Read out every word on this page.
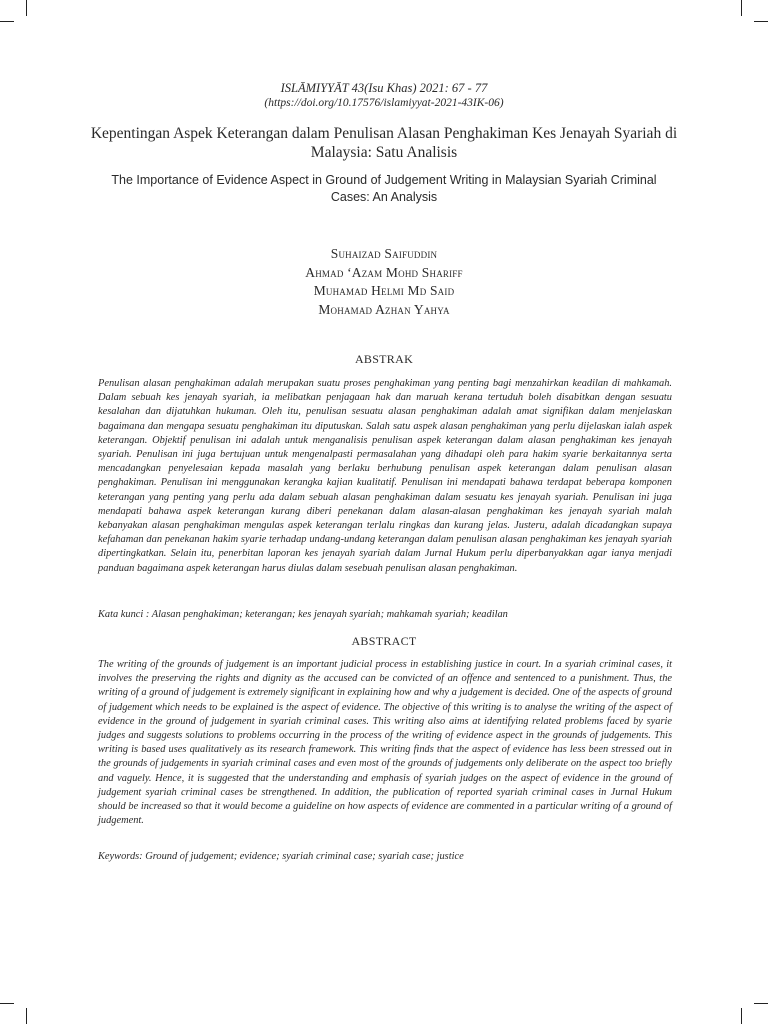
ISLĀMIYYĀT 43(Isu Khas) 2021: 67 - 77
(https://doi.org/10.17576/islamiyyat-2021-43IK-06)
Kepentingan Aspek Keterangan dalam Penulisan Alasan Penghakiman Kes Jenayah Syariah di Malaysia: Satu Analisis
The Importance of Evidence Aspect in Ground of Judgement Writing in Malaysian Syariah Criminal Cases: An Analysis
Suhaizad Saifuddin
Ahmad ‘Azam Mohd Shariff
Muhamad Helmi Md Said
Mohamad Azhan Yahya
ABSTRAK
Penulisan alasan penghakiman adalah merupakan suatu proses penghakiman yang penting bagi menzahirkan keadilan di mahkamah. Dalam sebuah kes jenayah syariah, ia melibatkan penjagaan hak dan maruah kerana tertuduh boleh disabitkan dengan sesuatu kesalahan dan dijatuhkan hukuman. Oleh itu, penulisan sesuatu alasan penghakiman adalah amat signifikan dalam menjelaskan bagaimana dan mengapa sesuatu penghakiman itu diputuskan. Salah satu aspek alasan penghakiman yang perlu dijelaskan ialah aspek keterangan. Objektif penulisan ini adalah untuk menganalisis penulisan aspek keterangan dalam alasan penghakiman kes jenayah syariah. Penulisan ini juga bertujuan untuk mengenalpasti permasalahan yang dihadapi oleh para hakim syarie berkaitannya serta mencadangkan penyelesaian kepada masalah yang berlaku berhubung penulisan aspek keterangan dalam penulisan alasan penghakiman. Penulisan ini menggunakan kerangka kajian kualitatif. Penulisan ini mendapati bahawa terdapat beberapa komponen keterangan yang penting yang perlu ada dalam sebuah alasan penghakiman dalam sesuatu kes jenayah syariah. Penulisan ini juga mendapati bahawa aspek keterangan kurang diberi penekanan dalam alasan-alasan penghakiman kes jenayah syariah malah kebanyakan alasan penghakiman mengulas aspek keterangan terlalu ringkas dan kurang jelas. Justeru, adalah dicadangkan supaya kefahaman dan penekanan hakim syarie terhadap undang-undang keterangan dalam penulisan alasan penghakiman kes jenayah syariah dipertingkatkan. Selain itu, penerbitan laporan kes jenayah syariah dalam Jurnal Hukum perlu diperbanyakkan agar ianya menjadi panduan bagaimana aspek keterangan harus diulas dalam sesebuah penulisan alasan penghakiman.
Kata kunci : Alasan penghakiman; keterangan; kes jenayah syariah; mahkamah syariah; keadilan
ABSTRACT
The writing of the grounds of judgement is an important judicial process in establishing justice in court. In a syariah criminal cases, it involves the preserving the rights and dignity as the accused can be convicted of an offence and sentenced to a punishment. Thus, the writing of a ground of judgement is extremely significant in explaining how and why a judgement is decided. One of the aspects of ground of judgement which needs to be explained is the aspect of evidence. The objective of this writing is to analyse the writing of the aspect of evidence in the ground of judgement in syariah criminal cases. This writing also aims at identifying related problems faced by syarie judges and suggests solutions to problems occurring in the process of the writing of evidence aspect in the grounds of judgements. This writing is based uses qualitatively as its research framework. This writing finds that the aspect of evidence has less been stressed out in the grounds of judgements in syariah criminal cases and even most of the grounds of judgements only deliberate on the aspect too briefly and vaguely. Hence, it is suggested that the understanding and emphasis of syariah judges on the aspect of evidence in the ground of judgement syariah criminal cases be strengthened. In addition, the publication of reported syariah criminal cases in Jurnal Hukum should be increased so that it would become a guideline on how aspects of evidence are commented in a particular writing of a ground of judgement.
Keywords: Ground of judgement; evidence; syariah criminal case; syariah case; justice
